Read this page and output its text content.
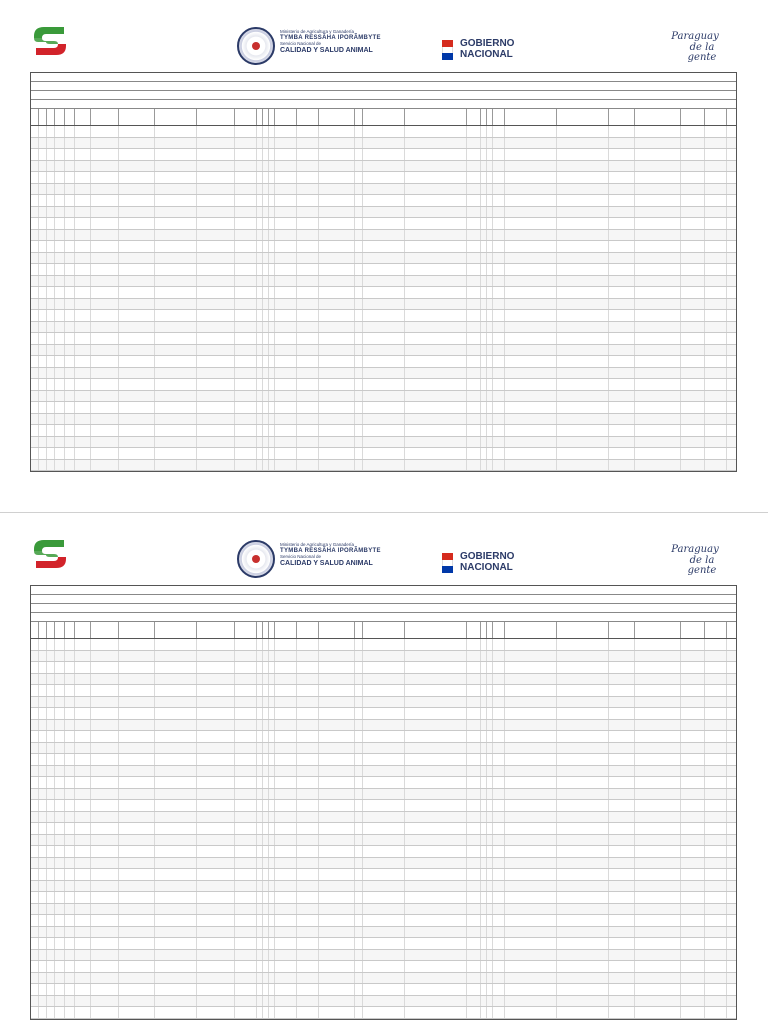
Ministerio de Agricultura y Ganadería
TYMBA RESSÃHA IPORÃMBYTE
Servicio Nacional de
CALIDAD Y SALUD ANIMAL
GOBIERNO
NACIONAL
Paraguay
de la gente
Ministerio de Agricultura y Ganadería
TYMBA RESSÃHA IPORÃMBYTE
Servicio Nacional de
CALIDAD Y SALUD ANIMAL
GOBIERNO
NACIONAL
Paraguay
de la gente
